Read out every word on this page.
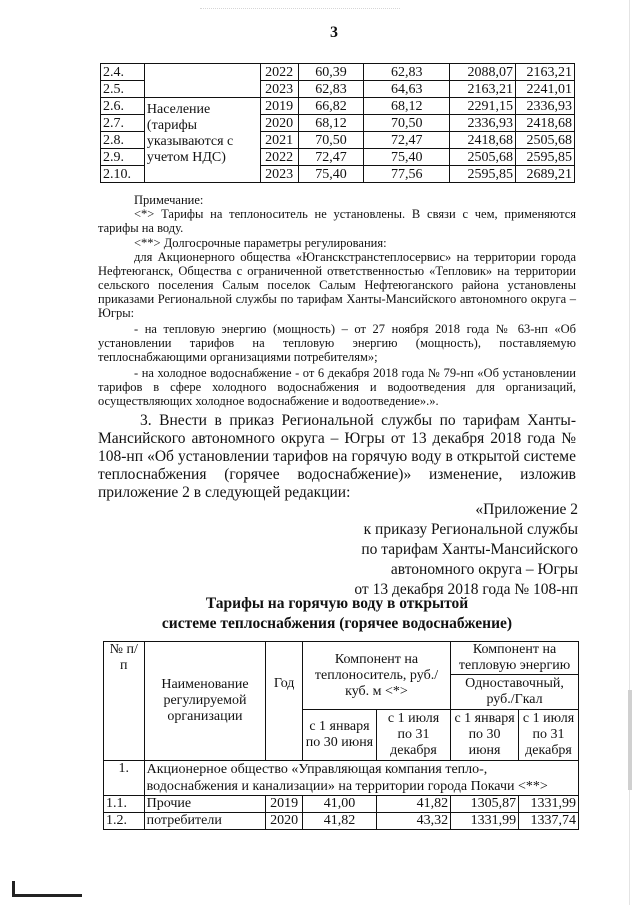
3
2.4.		2022	60,39	62,83	2088,07	2163,21
2.5.		2023	62,83	64,63	2163,21	2241,01
2.6.	Население (тарифы указываются с учетом НДС)	2019	66,82	68,12	2291,15	2336,93
2.7.		2020	68,12	70,50	2336,93	2418,68
2.8.		2021	70,50	72,47	2418,68	2505,68
2.9.		2022	72,47	75,40	2505,68	2595,85
2.10.		2023	75,40	77,56	2595,85	2689,21
Примечание:
<*> Тарифы на теплоноситель не установлены. В связи с чем, применяются тарифы на воду.
<**> Долгосрочные параметры регулирования:
для Акционерного общества «Юганскстранстеплосервис» на территории города Нефтеюганск, Общества с ограниченной ответственностью «Тепловик» на территории сельского поселения Салым поселок Салым Нефтеюганского района установлены приказами Региональной службы по тарифам Ханты-Мансийского автономного округа – Югры:
- на тепловую энергию (мощность) – от 27 ноября 2018 года № 63-нп «Об установлении тарифов на тепловую энергию (мощность), поставляемую теплоснабжающими организациями потребителям»;
- на холодное водоснабжение - от 6 декабря 2018 года № 79-нп «Об установлении тарифов в сфере холодного водоснабжения и водоотведения для организаций, осуществляющих холодное водоснабжение и водоотведение».».
3. Внести в приказ Региональной службы по тарифам Ханты-Мансийского автономного округа – Югры от 13 декабря 2018 года № 108-нп «Об установлении тарифов на горячую воду в открытой системе теплоснабжения (горячее водоснабжение)» изменение, изложив приложение 2 в следующей редакции:
«Приложение 2
к приказу Региональной службы
по тарифам Ханты-Мансийского
автономного округа – Югры
от 13 декабря 2018 года № 108-нп
Тарифы на горячую воду в открытой
системе теплоснабжения (горячее водоснабжение)
№ п/п	Наименование регулируемой организации	Год	Компонент на теплоноситель, руб./куб. м <*>		Компонент на тепловую энергию	
					Одноставочный, руб./Гкал	
			с 1 января по 30 июня	с 1 июля по 31 декабря	с 1 января по 30 июня	с 1 июля по 31 декабря
1.	Акционерное общество «Управляющая компания тепло-, водоснабжения и канализации» на территории города Покачи <**>					
1.1.	Прочие	2019	41,00	41,82	1305,87	1331,99
1.2.	потребители	2020	41,82	43,32	1331,99	1337,74
